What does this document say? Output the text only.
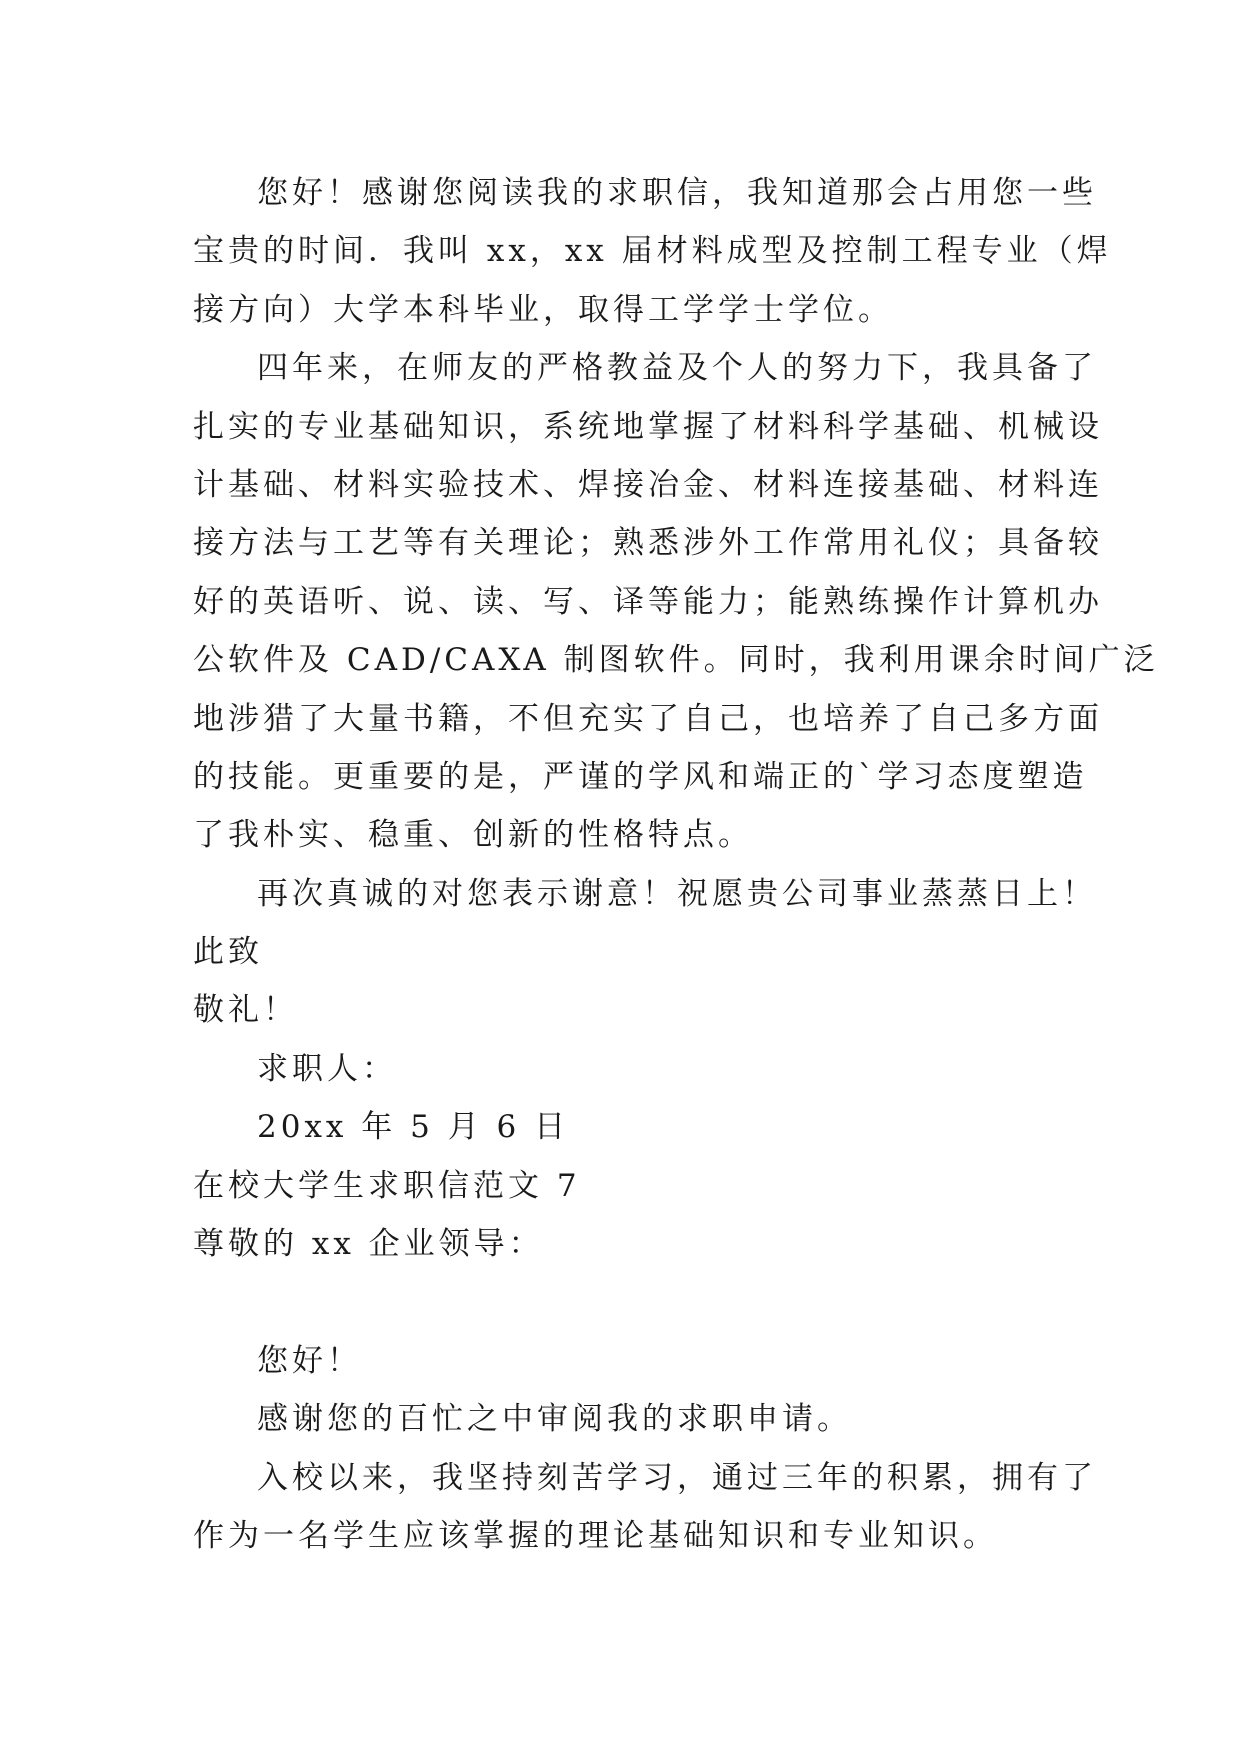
您好！感谢您阅读我的求职信，我知道那会占用您一些
宝贵的时间．我叫 xx，xx 届材料成型及控制工程专业（焊
接方向）大学本科毕业，取得工学学士学位。
四年来，在师友的严格教益及个人的努力下，我具备了
扎实的专业基础知识，系统地掌握了材料科学基础、机械设
计基础、材料实验技术、焊接冶金、材料连接基础、材料连
接方法与工艺等有关理论；熟悉涉外工作常用礼仪；具备较
好的英语听、说、读、写、译等能力；能熟练操作计算机办
公软件及 CAD/CAXA 制图软件。同时，我利用课余时间广泛
地涉猎了大量书籍，不但充实了自己，也培养了自己多方面
的技能。更重要的是，严谨的学风和端正的`学习态度塑造
了我朴实、稳重、创新的性格特点。
再次真诚的对您表示谢意！祝愿贵公司事业蒸蒸日上！
此致
敬礼！
求职人：
20xx 年 5 月 6 日
在校大学生求职信范文 7
尊敬的 xx 企业领导：
您好！
感谢您的百忙之中审阅我的求职申请。
入校以来，我坚持刻苦学习，通过三年的积累，拥有了
作为一名学生应该掌握的理论基础知识和专业知识。
